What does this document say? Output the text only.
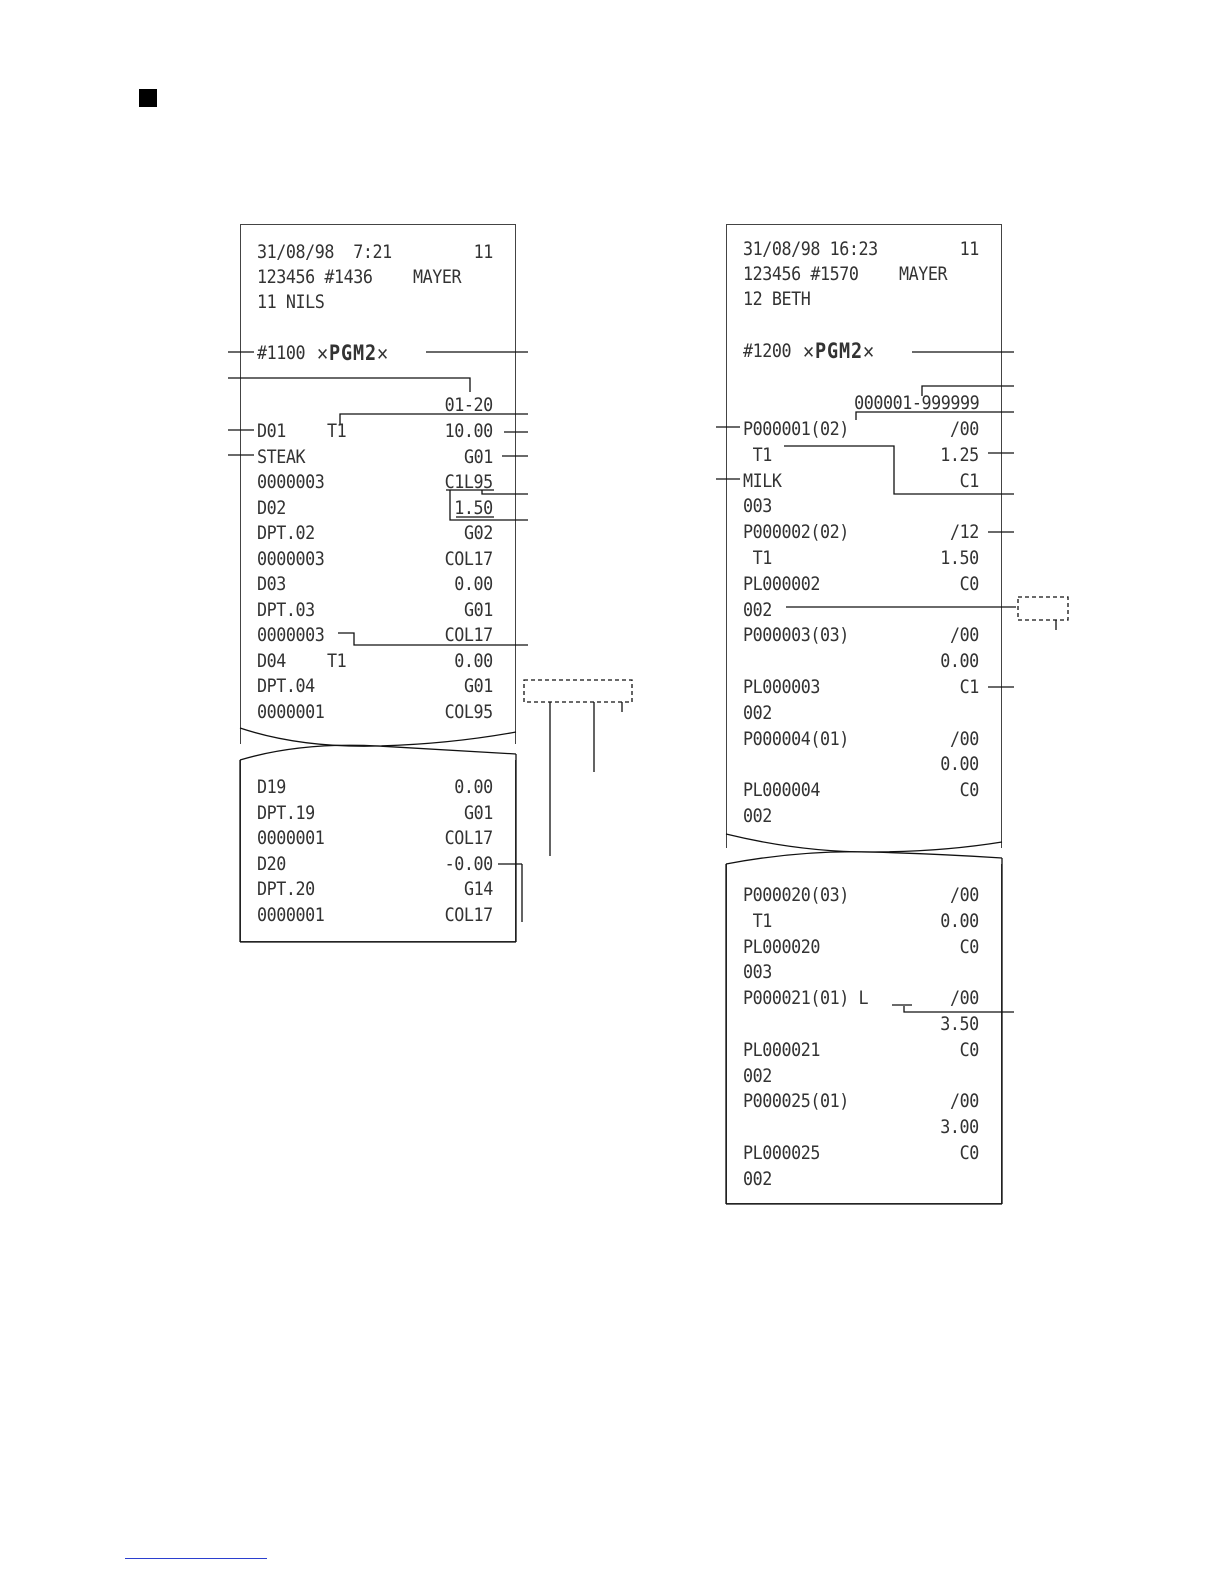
31/08/98  7:21	11
123456 #1436 MAYER
11 NILS
#1100 ✕PGM2✕
01-20
D01 T1	10.00
STEAK	G01
0000003	C1L95
D02	1.50
DPT.02	G02
0000003	COL17
D03	0.00
DPT.03	G01
0000003	COL17
D04 T1	0.00
DPT.04	G01
0000001	COL95
D19	0.00
DPT.19	G01
0000001	COL17
D20	-0.00
DPT.20	G14
0000001	COL17
31/08/98 16:23	11
123456 #1570 MAYER
12 BETH
#1200 ✕PGM2✕
000001-999999
P000001(02)	/00
T1	1.25
MILK	C1
003
P000002(02)	/12
T1	1.50
PL000002	C0
002
P000003(03)	/00
0.00
PL000003	C1
002
P000004(01)	/00
0.00
PL000004	C0
002
P000020(03)	/00
T1	0.00
PL000020	C0
003
P000021(01) L	/00
3.50
PL000021	C0
002
P000025(01)	/00
3.00
PL000025	C0
002
